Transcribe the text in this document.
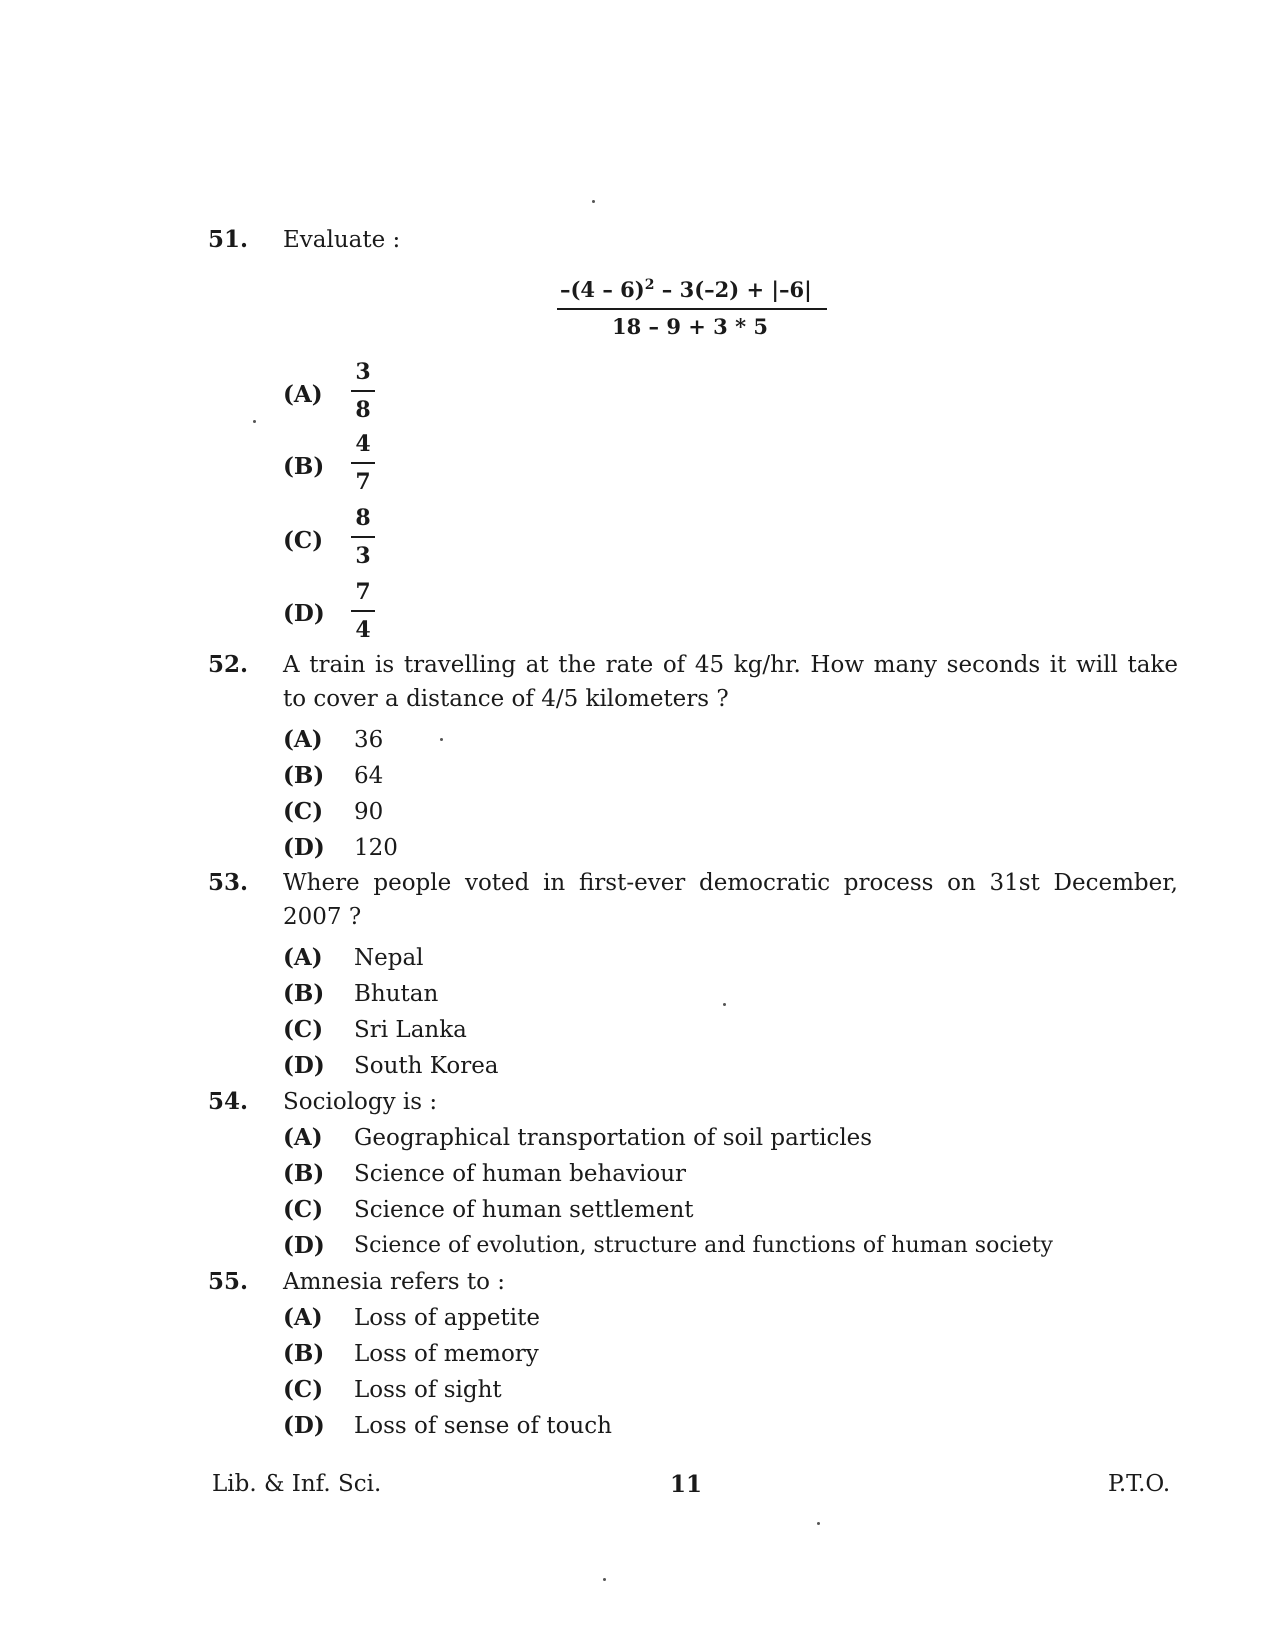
51. Evaluate :
–(4 – 6)$^2$ – 3(–2) + |–6|
18 – 9 + 3 * 5
(A)
3
8
(B)
4
7
(C)
8
3
(D)
7
4
52. A train is travelling at the rate of 45 kg/hr. How many seconds it will take
to cover a distance of 4/5 kilometers ?
(A) 36
(B) 64
(C) 90
(D) 120
53. Where people voted in first-ever democratic process on 31st December,
2007 ?
(A) Nepal
(B) Bhutan
(C) Sri Lanka
(D) South Korea
54. Sociology is :
(A) Geographical transportation of soil particles
(B) Science of human behaviour
(C) Science of human settlement
(D) Science of evolution, structure and functions of human society
55. Amnesia refers to :
(A) Loss of appetite
(B) Loss of memory
(C) Loss of sight
(D) Loss of sense of touch
Lib. & Inf. Sci.	11	P.T.O.
